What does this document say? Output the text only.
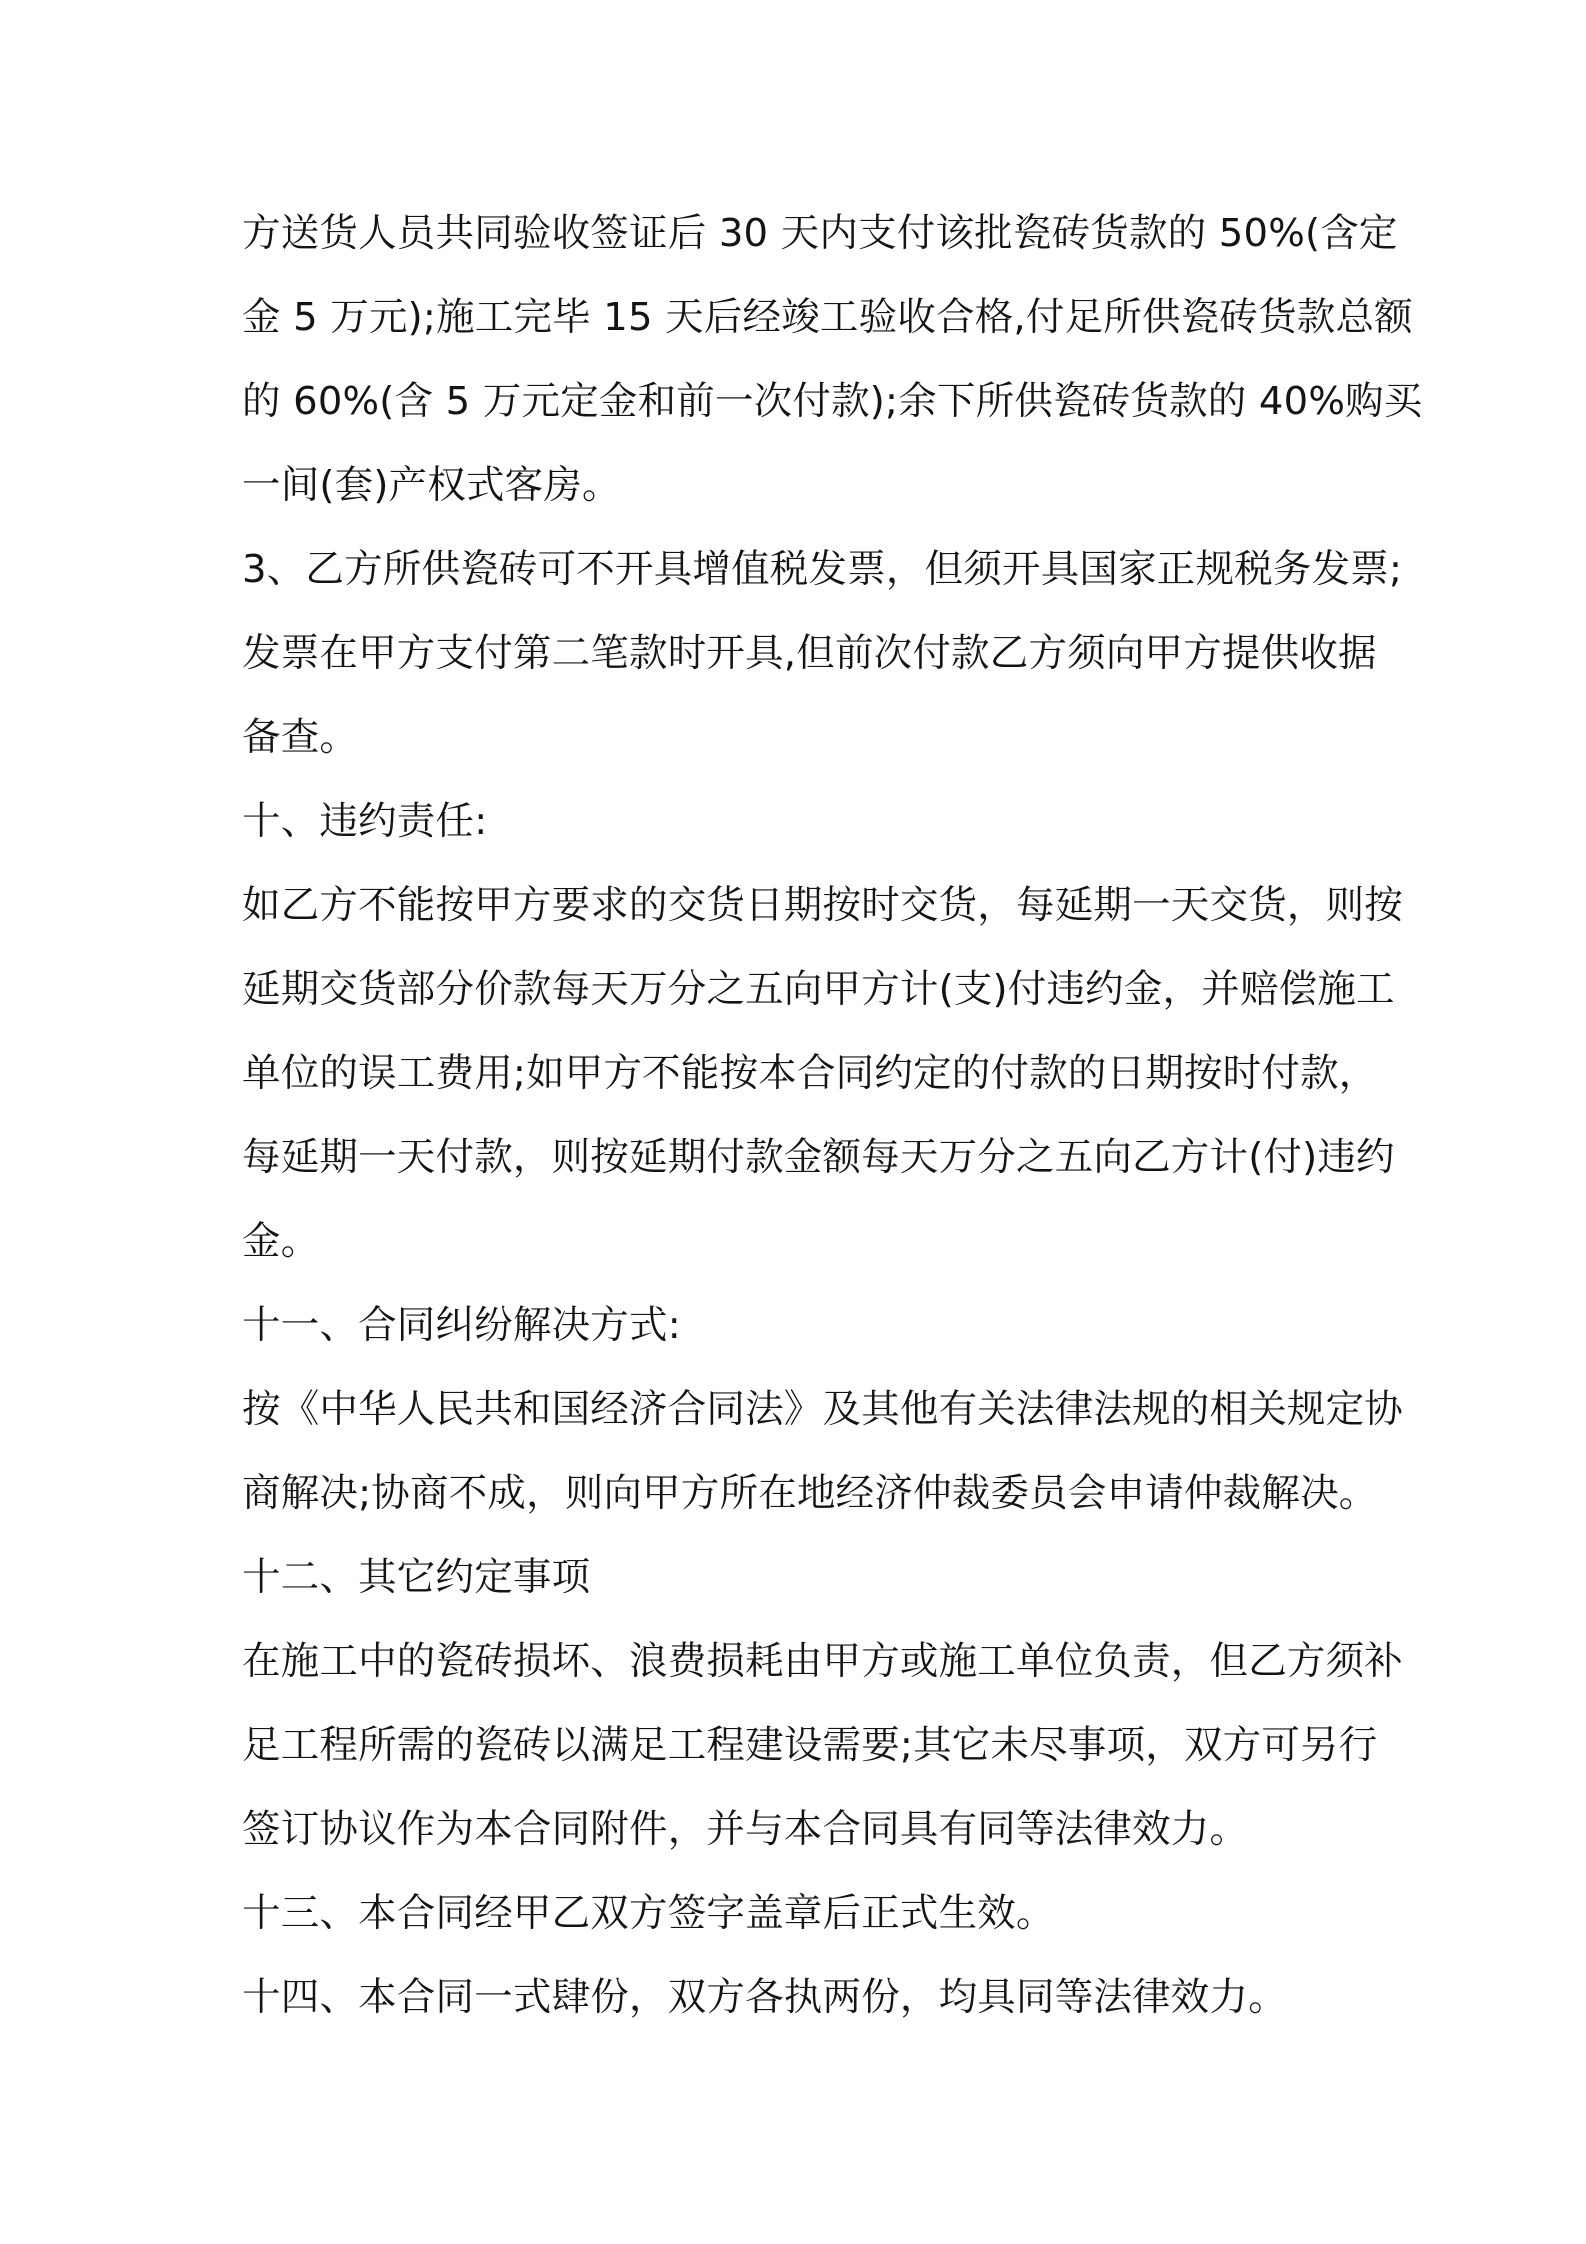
方送货人员共同验收签证后 30 天内支付该批瓷砖货款的 50%(含定
金 5 万元);施工完毕 15 天后经竣工验收合格,付足所供瓷砖货款总额
的 60%(含 5 万元定金和前一次付款);余下所供瓷砖货款的 40%购买
一间(套)产权式客房。

3、乙方所供瓷砖可不开具增值税发票，但须开具国家正规税务发票;
发票在甲方支付第二笔款时开具,但前次付款乙方须向甲方提供收据
备查。

十、违约责任:

如乙方不能按甲方要求的交货日期按时交货，每延期一天交货，则按
延期交货部分价款每天万分之五向甲方计(支)付违约金，并赔偿施工
单位的误工费用;如甲方不能按本合同约定的付款的日期按时付款，
每延期一天付款，则按延期付款金额每天万分之五向乙方计(付)违约
金。

十一、合同纠纷解决方式:

按《中华人民共和国经济合同法》及其他有关法律法规的相关规定协
商解决;协商不成，则向甲方所在地经济仲裁委员会申请仲裁解决。

十二、其它约定事项

在施工中的瓷砖损坏、浪费损耗由甲方或施工单位负责，但乙方须补
足工程所需的瓷砖以满足工程建设需要;其它未尽事项，双方可另行
签订协议作为本合同附件，并与本合同具有同等法律效力。

十三、本合同经甲乙双方签字盖章后正式生效。

十四、本合同一式肆份，双方各执两份，均具同等法律效力。
